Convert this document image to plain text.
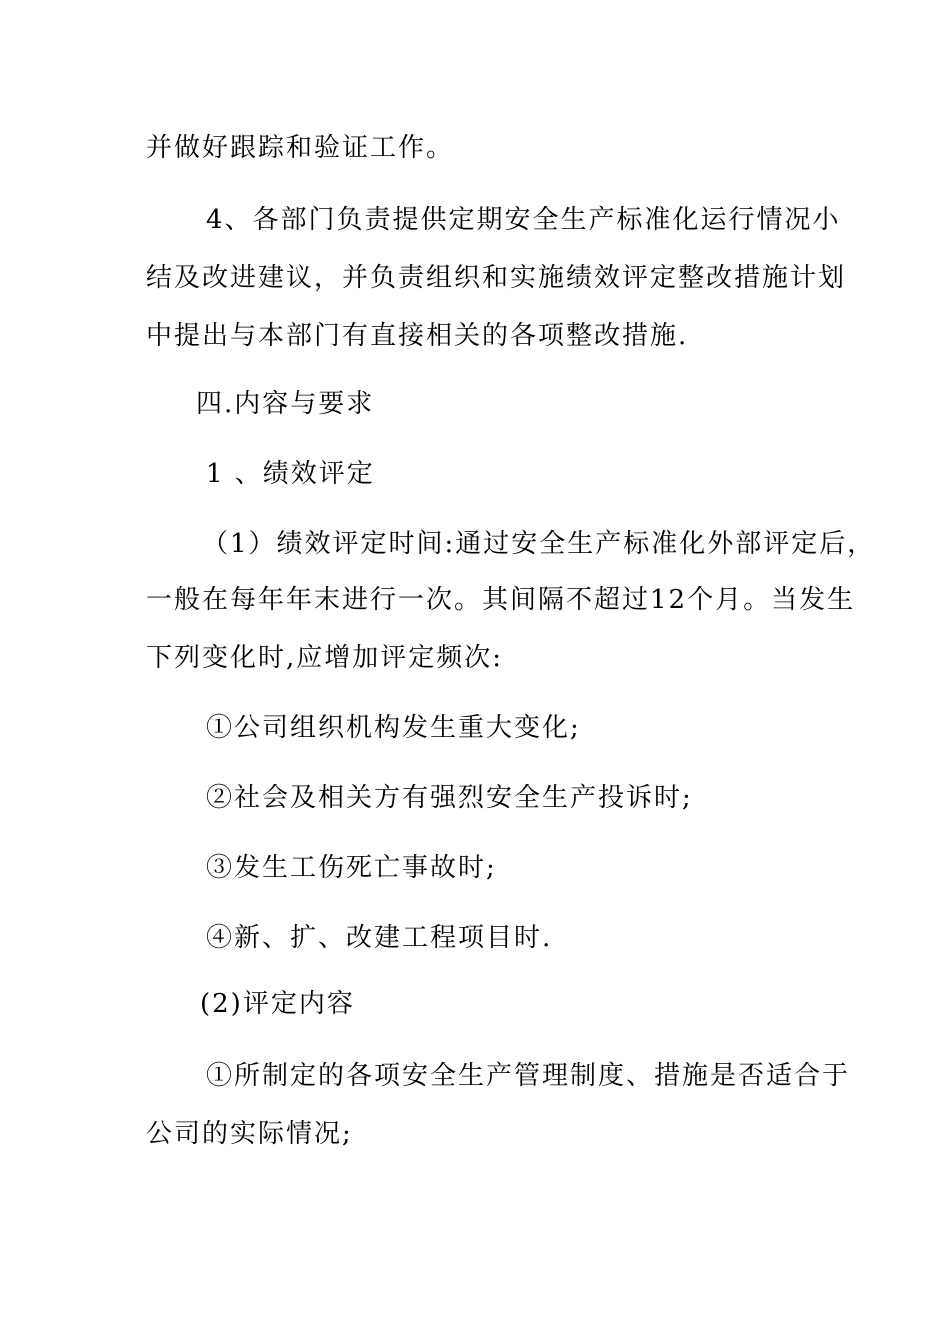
并做好跟踪和验证工作。
4、各部门负责提供定期安全生产标准化运行情况小
结及改进建议，并负责组织和实施绩效评定整改措施计划
中提出与本部门有直接相关的各项整改措施.
四.内容与要求
1 、绩效评定
（1）绩效评定时间:通过安全生产标准化外部评定后，
一般在每年年末进行一次。其间隔不超过12个月。当发生
下列变化时,应增加评定频次:
①公司组织机构发生重大变化;
②社会及相关方有强烈安全生产投诉时;
③发生工伤死亡事故时;
④新、扩、改建工程项目时.
(2)评定内容
①所制定的各项安全生产管理制度、措施是否适合于
公司的实际情况;
